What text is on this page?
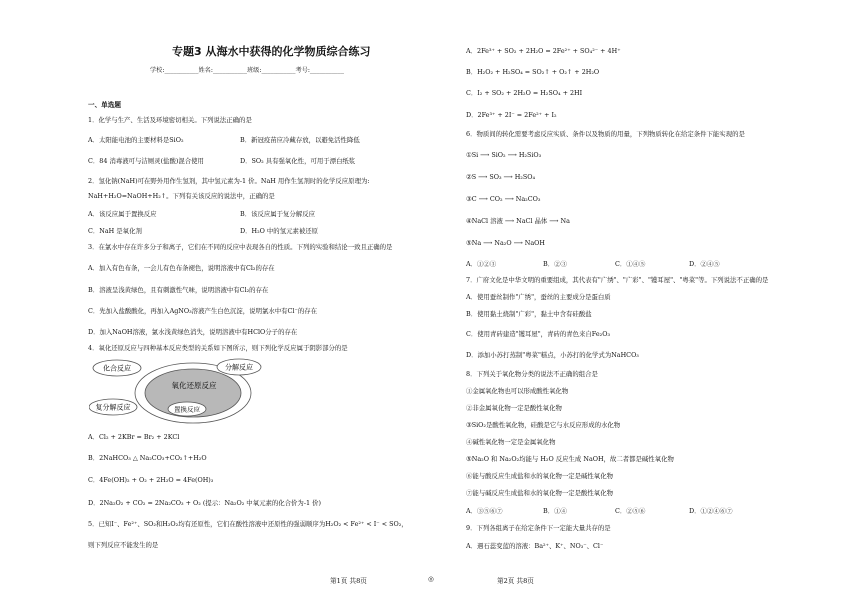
专题3 从海水中获得的化学物质综合练习
学校:___________姓名:___________班级:___________考号:___________
一、单选题
1．化学与生产、生活及环境密切相关。下列说法正确的是
A．太阳能电池的主要材料是SiO₂	B．新冠疫苗应冷藏存放，以避免活性降低
C．84 消毒液可与洁厕灵(盐酸)混合使用	D．SO₂ 具有强氧化性，可用于漂白纸浆
2．氢化钠(NaH)可在野外用作生氢剂，其中氢元素为-1 价。NaH 用作生氢剂时的化学反应原理为:
NaH+H₂O=NaOH+H₂↑。下列有关该反应的说法中，正确的是
A．该反应属于置换反应	B．该反应属于复分解反应
C．NaH 是氧化剂	D．H₂O 中的氢元素被还原
3．在氯水中存在许多分子和离子，它们在不同的反应中表现各自的性质。下列的实验和结论一致且正确的是
A．加入有色布条，一会儿有色布条褪色，说明溶液中有Cl₂的存在
B．溶液呈浅黄绿色，且有刺激性气味，说明溶液中有Cl₂的存在
C．先加入盐酸酸化，再加入AgNO₃溶液产生白色沉淀，说明氯水中有Cl⁻的存在
D．加入NaOH溶液，氯水浅黄绿色消失，说明溶液中有HClO分子的存在
4．氧化还原反应与四种基本反应类型的关系如下图所示，则下列化学反应属于阴影部分的是
化合反应	分解反应
氧化还原反应
复分解反应	置换反应
A．Cl₂ + 2KBr = Br₂ + 2KCl
B．2NaHCO₃ △ Na₂CO₃+CO₂↑+H₂O
C．4Fe(OH)₂ + O₂ + 2H₂O = 4Fe(OH)₃
D．2Na₂O₂ + CO₂ = 2Na₂CO₃ + O₂ (提示：Na₂O₂ 中氧元素的化合价为-1 价)
5．已知I⁻、Fe²⁺、SO₂和H₂O₂均有还原性，它们在酸性溶液中还原性的强弱顺序为H₂O₂ < Fe²⁺ < I⁻ < SO₂，
则下列反应不能发生的是
A．2Fe³⁺ + SO₂ + 2H₂O = 2Fe²⁺ + SO₄²⁻ + 4H⁺
B．H₂O₂ + H₂SO₄ = SO₂↑ + O₂↑ + 2H₂O
C．I₂ + SO₂ + 2H₂O = H₂SO₄ + 2HI
D．2Fe³⁺ + 2I⁻ = 2Fe²⁺ + I₂
6．物质间的转化需要考虑反应实质、条件以及物质的用量，下列物质转化在给定条件下能实现的是
①Si ⟶ SiO₂ ⟶ H₂SiO₃
②S ⟶ SO₃ ⟶ H₂SO₄
③C ⟶ CO₂ ⟶ Na₂CO₃
④NaCl 溶液 ⟶ NaCl 晶体 ⟶ Na
⑤Na ⟶ Na₂O ⟶ NaOH
A．①②③	B．②③	C．①④⑤	D．②④⑤
7．广府文化是中华文明的重要组成，其代表有"广绣"、"广彩"、"镬耳屋"、"粤菜"等。下列说法不正确的是
A．使用蚕丝制作"广绣"，蚕丝的主要成分是蛋白质
B．使用黏土烧制"广彩"，黏土中含有硅酸盐
C．使用青砖建造"镬耳屋"，青砖的青色来自Fe₂O₃
D．添加小苏打蒸制"粤菜"糕点，小苏打的化学式为NaHCO₃
8．下列关于氧化物分类的说法不正确的组合是
①金属氧化物也可以形成酸性氧化物
②非金属氧化物一定是酸性氧化物
③SiO₂是酸性氧化物，硅酸是它与水反应形成的水化物
④碱性氧化物一定是金属氧化物
⑤Na₂O 和 Na₂O₂均能与 H₂O 反应生成 NaOH，故二者都是碱性氧化物
⑥能与酸反应生成盐和水的氧化物一定是碱性氧化物
⑦能与碱反应生成盐和水的氧化物一定是酸性氧化物
A．③⑤⑥⑦	B．①④	C．②⑤⑥	D．①②④⑥⑦
9．下列各组离子在给定条件下一定能大量共存的是
A．遇石蕊变蓝的溶液：Ba²⁺、K⁺、NO₃⁻、Cl⁻
第1页 共8页	◎	第2页 共8页
